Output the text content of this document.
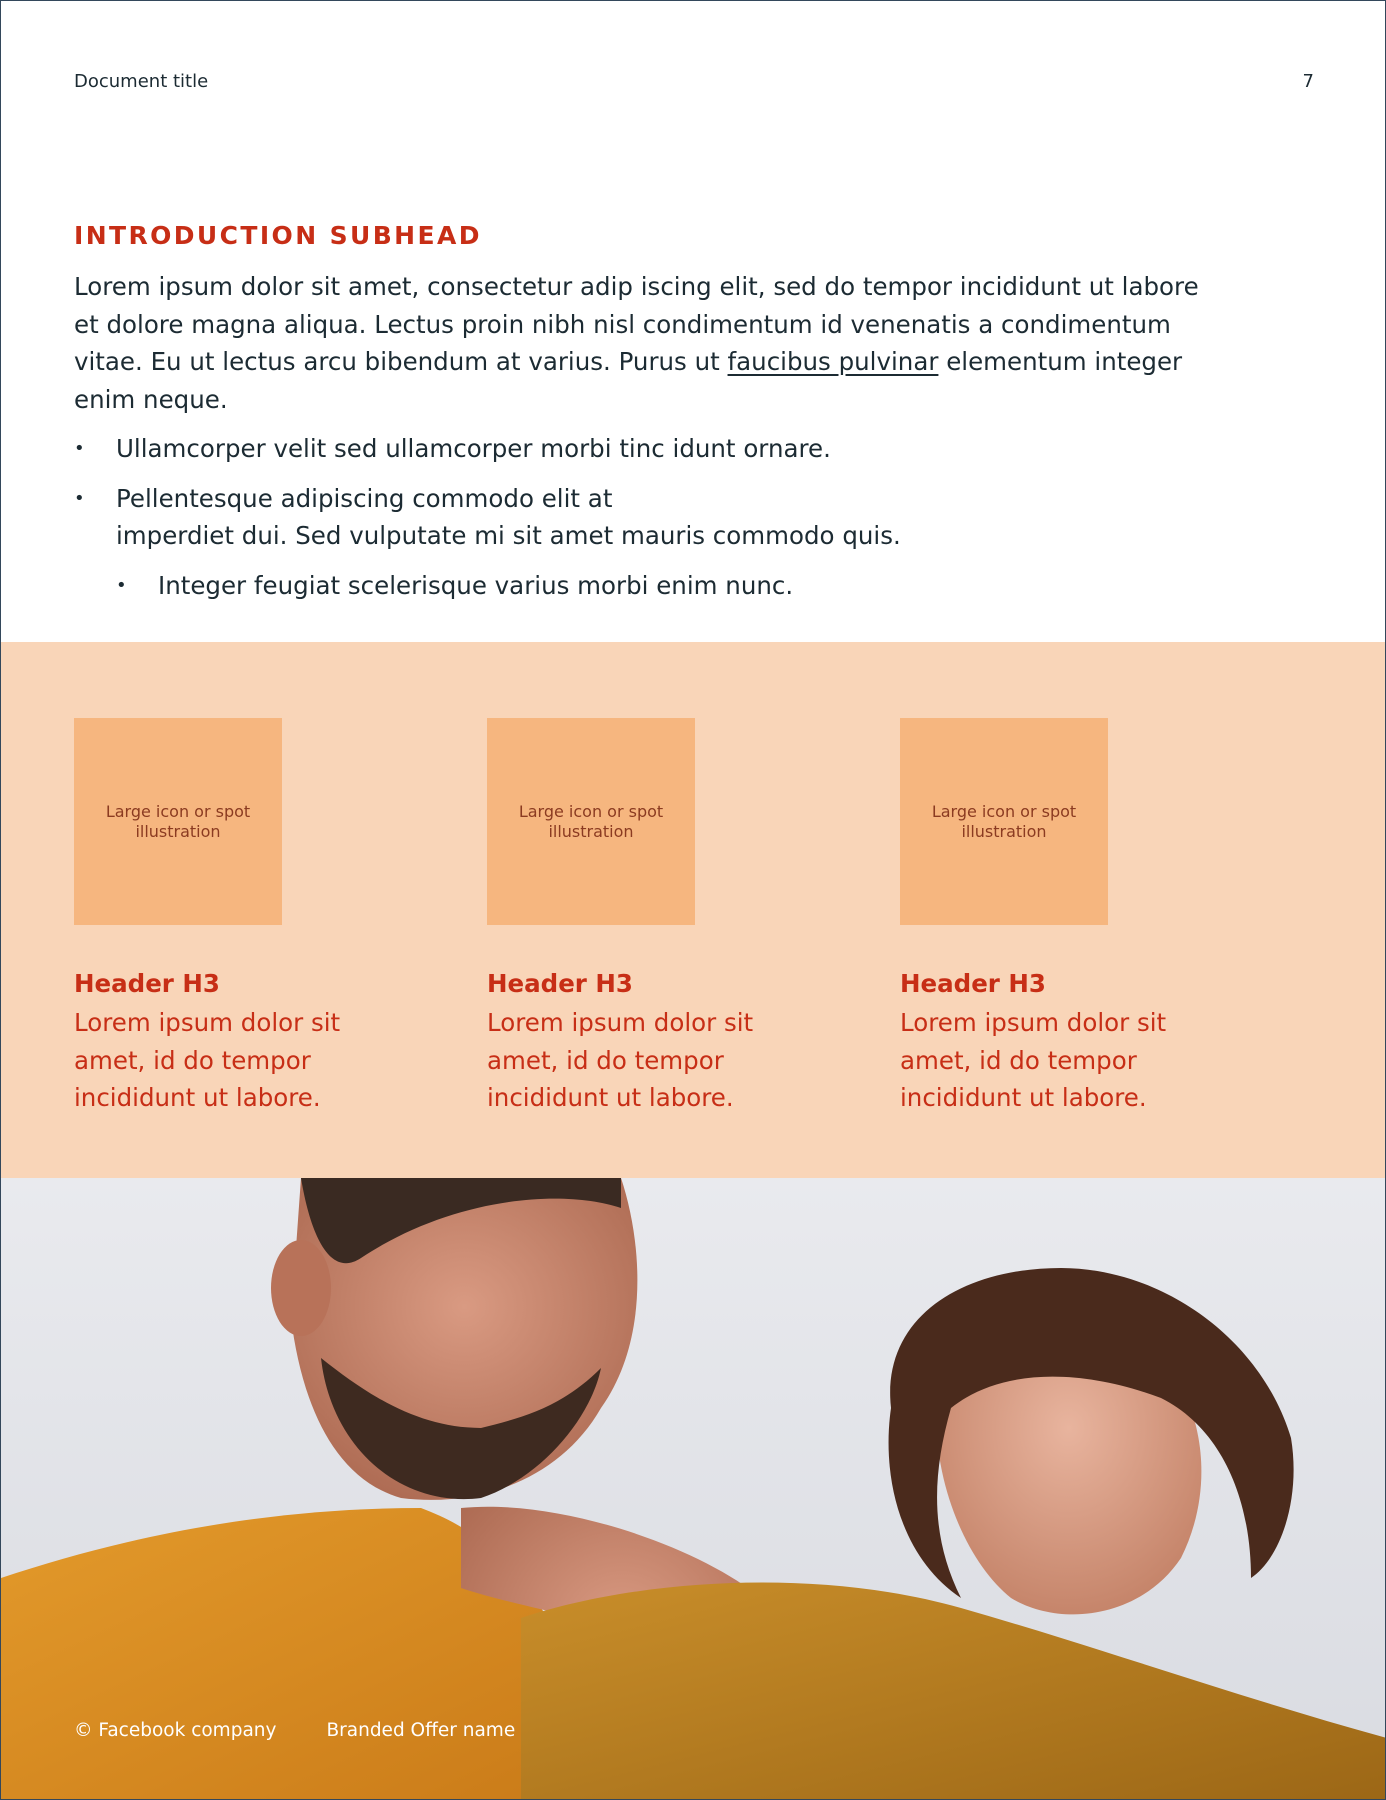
Document title	7
INTRODUCTION SUBHEAD

Lorem ipsum dolor sit amet, consectetur adip iscing elit, sed do tempor incididunt ut labore et dolore magna aliqua. Lectus proin nibh nisl condimentum id venenatis a condimentum vitae. Eu ut lectus arcu bibendum at varius. Purus ut faucibus pulvinar elementum integer enim neque.

• Ullamcorper velit sed ullamcorper morbi tinc idunt ornare.
• Pellentesque adipiscing commodo elit at
imperdiet dui. Sed vulputate mi sit amet mauris commodo quis.
• Integer feugiat scelerisque varius morbi enim nunc.
Large icon or spot illustration
Header H3

Lorem ipsum dolor sit amet, id do tempor incididunt ut labore.

Large icon or spot illustration
Header H3

Lorem ipsum dolor sit amet, id do tempor incididunt ut labore.

Large icon or spot illustration
Header H3

Lorem ipsum dolor sit amet, id do tempor incididunt ut labore.

© Facebook company	Branded Offer name
